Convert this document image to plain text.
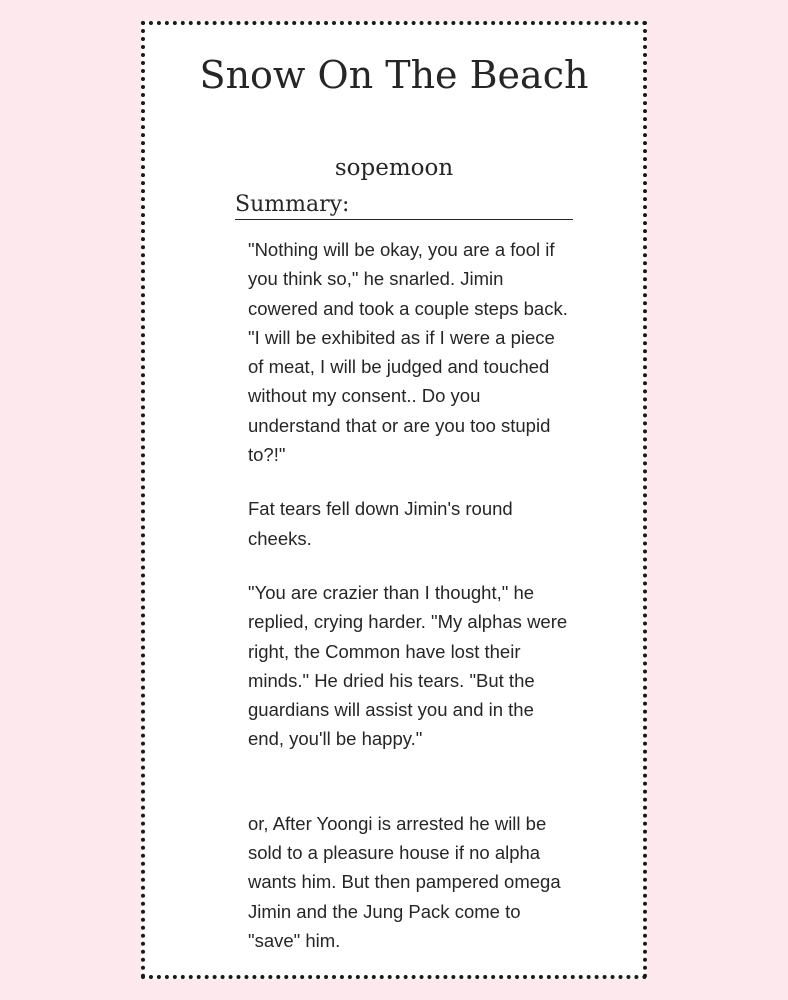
Snow On The Beach
sopemoon
Summary:

"Nothing will be okay, you are a fool if you think so," he snarled. Jimin cowered and took a couple steps back. "I will be exhibited as if I were a piece of meat, I will be judged and touched without my consent.. Do you understand that or are you too stupid to?!"

Fat tears fell down Jimin's round cheeks.

"You are crazier than I thought," he replied, crying harder. "My alphas were right, the Common have lost their minds." He dried his tears. "But the guardians will assist you and in the end, you'll be happy."

or, After Yoongi is arrested he will be sold to a pleasure house if no alpha wants him. But then pampered omega Jimin and the Jung Pack come to "save" him.
